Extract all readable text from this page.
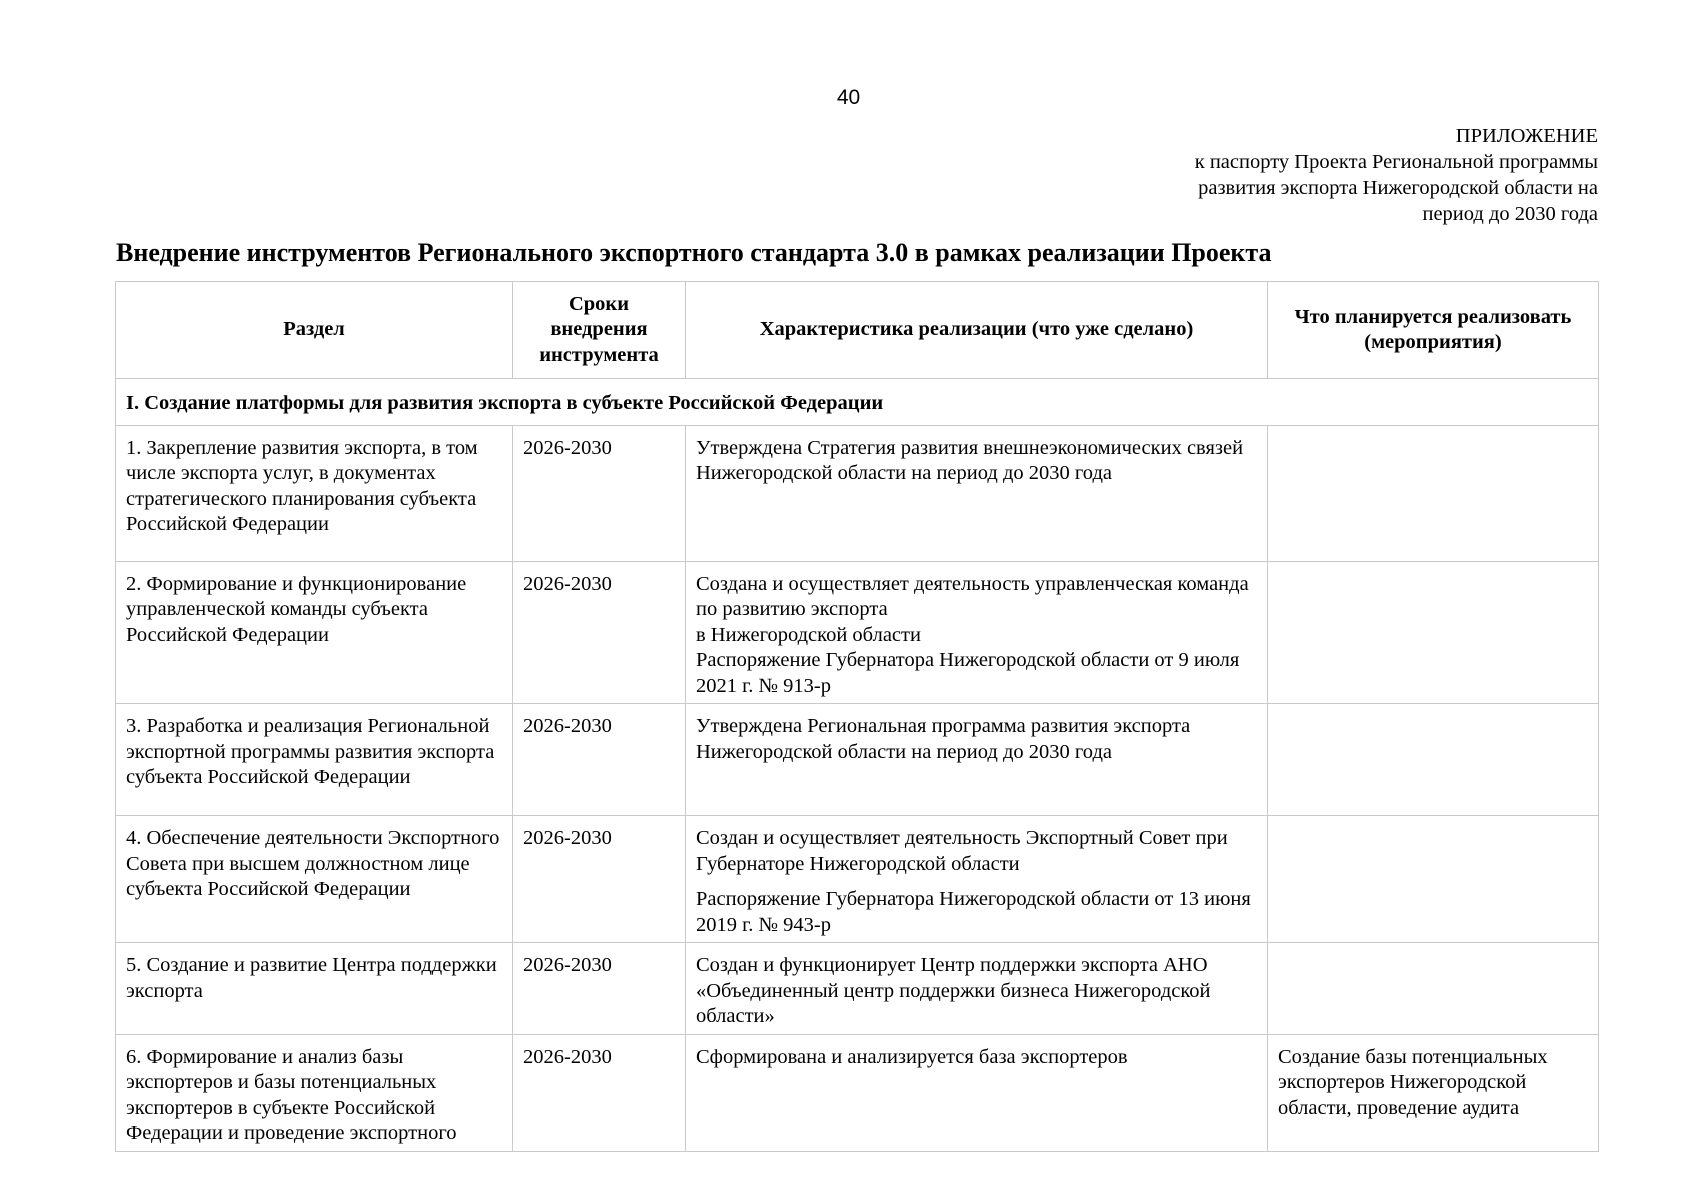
40
ПРИЛОЖЕНИЕ
к паспорту Проекта Региональной программы
развития экспорта Нижегородской области на
период до 2030 года
Внедрение инструментов Регионального экспортного стандарта 3.0 в рамках реализации Проекта
Раздел	Сроки внедрения инструмента	Характеристика реализации (что уже сделано)	Что планируется реализовать (мероприятия)
I. Создание платформы для развития экспорта в субъекте Российской Федерации			
1. Закрепление развития экспорта, в том числе экспорта услуг, в документах стратегического планирования субъекта Российской Федерации	2026-2030	Утверждена Стратегия развития внешнеэкономических связей Нижегородской области на период до 2030 года	

2. Формирование и функционирование управленческой команды субъекта Российской Федерации	2026-2030	Создана и осуществляет деятельность управленческая команда по развитию экспорта
в Нижегородской области
Распоряжение Губернатора Нижегородской области от 9 июля 2021 г. № 913-р	

3. Разработка и реализация Региональной экспортной программы развития экспорта субъекта Российской Федерации	2026-2030	Утверждена Региональная программа развития экспорта Нижегородской области на период до 2030 года	

4. Обеспечение деятельности Экспортного Совета при высшем должностном лице субъекта Российской Федерации	2026-2030	Создан и осуществляет деятельность Экспортный Совет при Губернаторе Нижегородской области

Распоряжение Губернатора Нижегородской области от 13 июня 2019 г. № 943-р	

5. Создание и развитие Центра поддержки экспорта	2026-2030	Создан и функционирует Центр поддержки экспорта АНО «Объединенный центр поддержки бизнеса Нижегородской области»	

6. Формирование и анализ базы экспортеров и базы потенциальных экспортеров в субъекте Российской Федерации и проведение экспортного	2026-2030	Сформирована и анализируется база экспортеров	Создание базы потенциальных экспортеров Нижегородской области, проведение аудита
